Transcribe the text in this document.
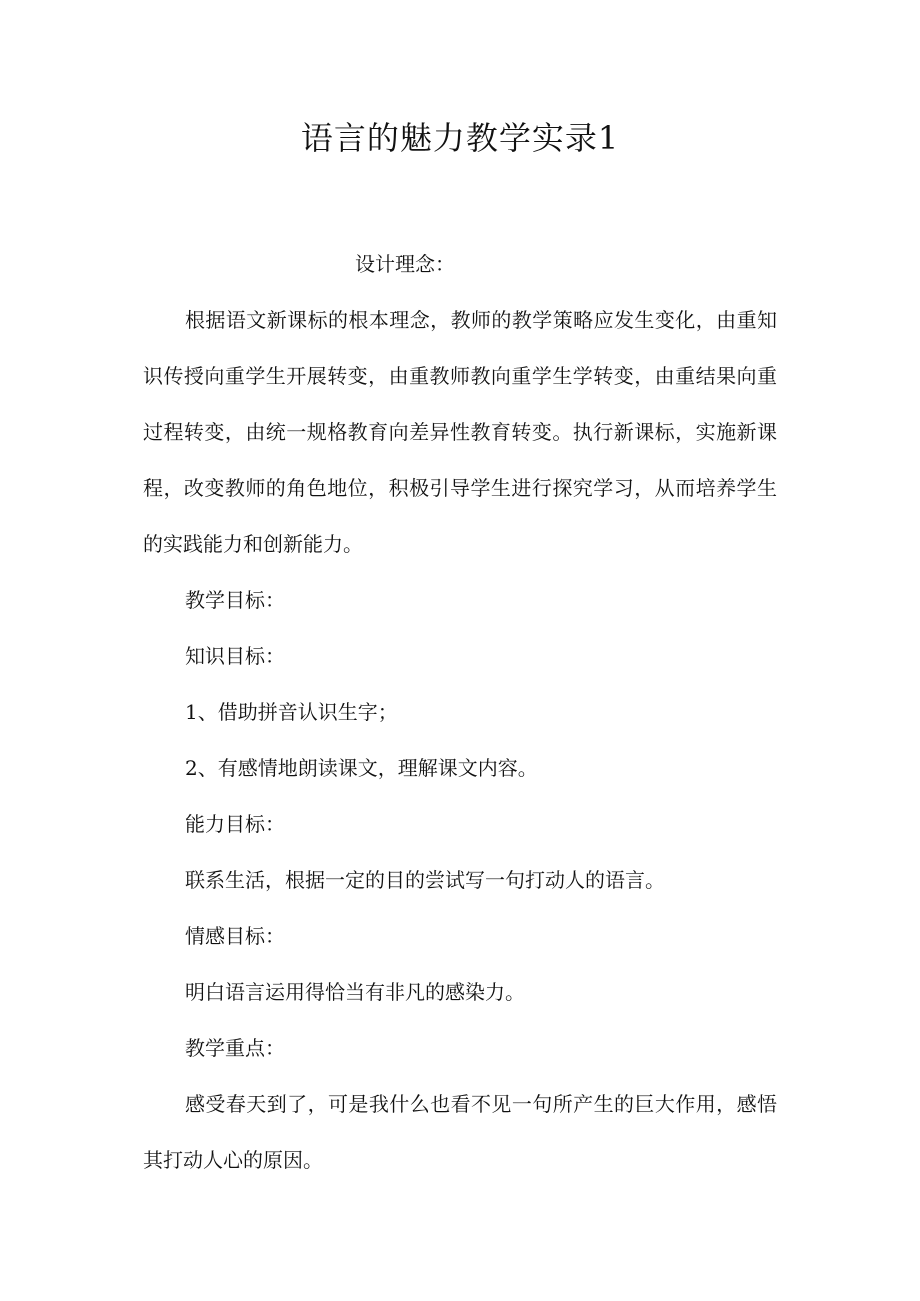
语言的魅力教学实录1

设计理念：

根据语文新课标的根本理念，教师的教学策略应发生变化，由重知识传授向重学生开展转变，由重教师教向重学生学转变，由重结果向重过程转变，由统一规格教育向差异性教育转变。执行新课标，实施新课程，改变教师的角色地位，积极引导学生进行探究学习，从而培养学生的实践能力和创新能力。

教学目标：

知识目标：

1、借助拼音认识生字；

2、有感情地朗读课文，理解课文内容。

能力目标：

联系生活，根据一定的目的尝试写一句打动人的语言。

情感目标：

明白语言运用得恰当有非凡的感染力。

教学重点：

感受春天到了，可是我什么也看不见一句所产生的巨大作用，感悟其打动人心的原因。
